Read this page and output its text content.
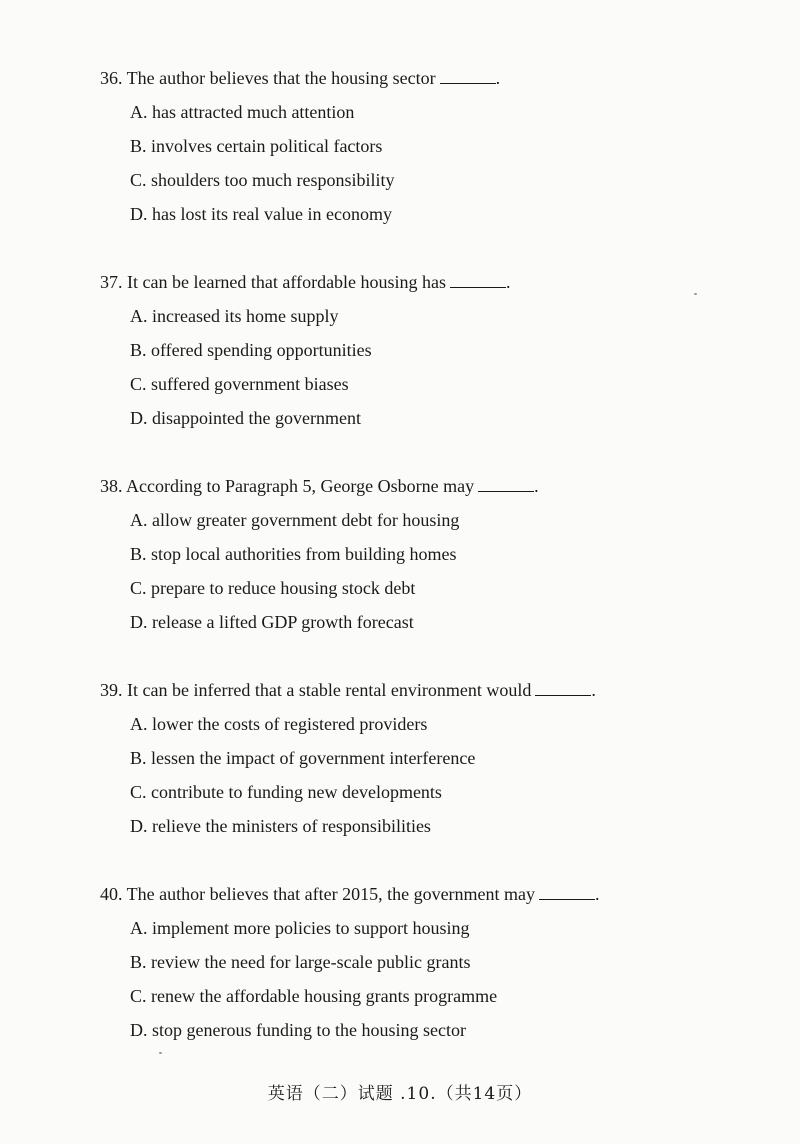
36. The author believes that the housing sector	.
A. has attracted much attention
B. involves certain political factors
C. shoulders too much responsibility
D. has lost its real value in economy
37. It can be learned that affordable housing has	.
A. increased its home supply
B. offered spending opportunities
C. suffered government biases
D. disappointed the government
38. According to Paragraph 5, George Osborne may	.
A. allow greater government debt for housing
B. stop local authorities from building homes
C. prepare to reduce housing stock debt
D. release a lifted GDP growth forecast
39. It can be inferred that a stable rental environment would	.
A. lower the costs of registered providers
B. lessen the impact of government interference
C. contribute to funding new developments
D. relieve the ministers of responsibilities
40. The author believes that after 2015, the government may	.
A. implement more policies to support housing
B. review the need for large-scale public grants
C. renew the affordable housing grants programme
D. stop generous funding to the housing sector
英语（二）试题 .10.（共14页）
